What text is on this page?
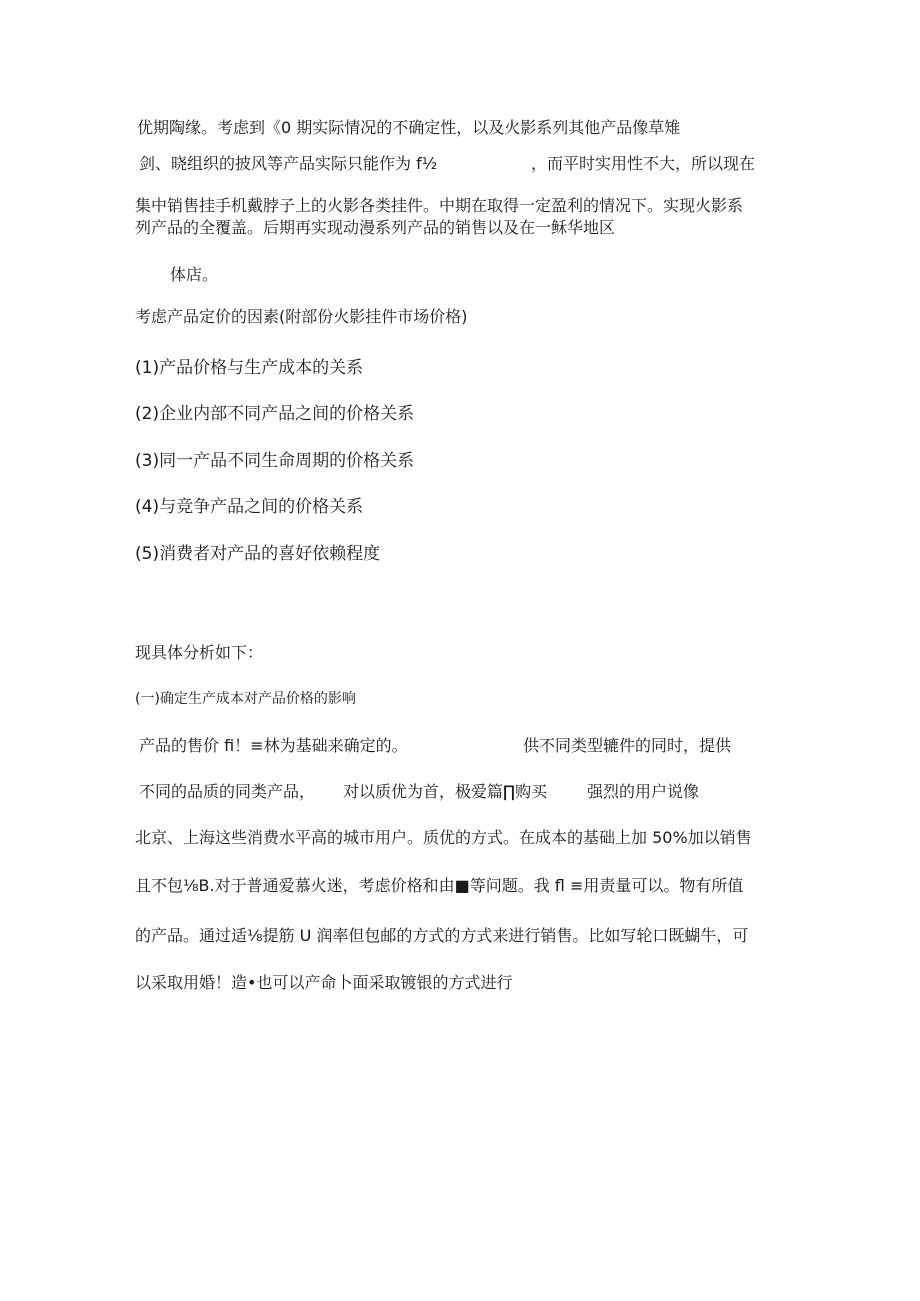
优期陶缘。考虑到《0 期实际情况的不确定性，以及火影系列其他产品像草雉
剑、晓组织的披风等产品实际只能作为 f½	，而平时实用性不大，所以现在
集中销售挂手机戴脖子上的火影各类挂件。中期在取得一定盈利的情况下。实现火影系
列产品的全覆盖。后期再实现动漫系列产品的销售以及在一稣华地区
体店。
考虑产品定价的因素(附部份火影挂件市场价格)
(1)产品价格与生产成本的关系
(2)企业内部不同产品之间的价格关系
(3)同一产品不同生命周期的价格关系
(4)与竞争产品之间的价格关系
(5)消费者对产品的喜好依赖程度
现具体分析如下：
(一)确定生产成本对产品价格的影响
产品的售价 fi！≡林为基础来确定的。	供不同类型辘件的同时，提供
不同的品质的同类产品， 对以质优为首，极爱篇∏购买 强烈的用户说像
北京、上海这些消费水平高的城市用户。质优的方式。在成本的基础上加 50%加以销售
且不包⅛B.对于普通爱慕火迷，考虑价格和由■等问题。我 fl ≡用责量可以。物有所值
的产品。通过适⅛提筋 U 润率但包邮的方式的方式来进行销售。比如写轮口既蝴牛，可
以采取用婚！造•也可以产命卜面采取镀银的方式进行
